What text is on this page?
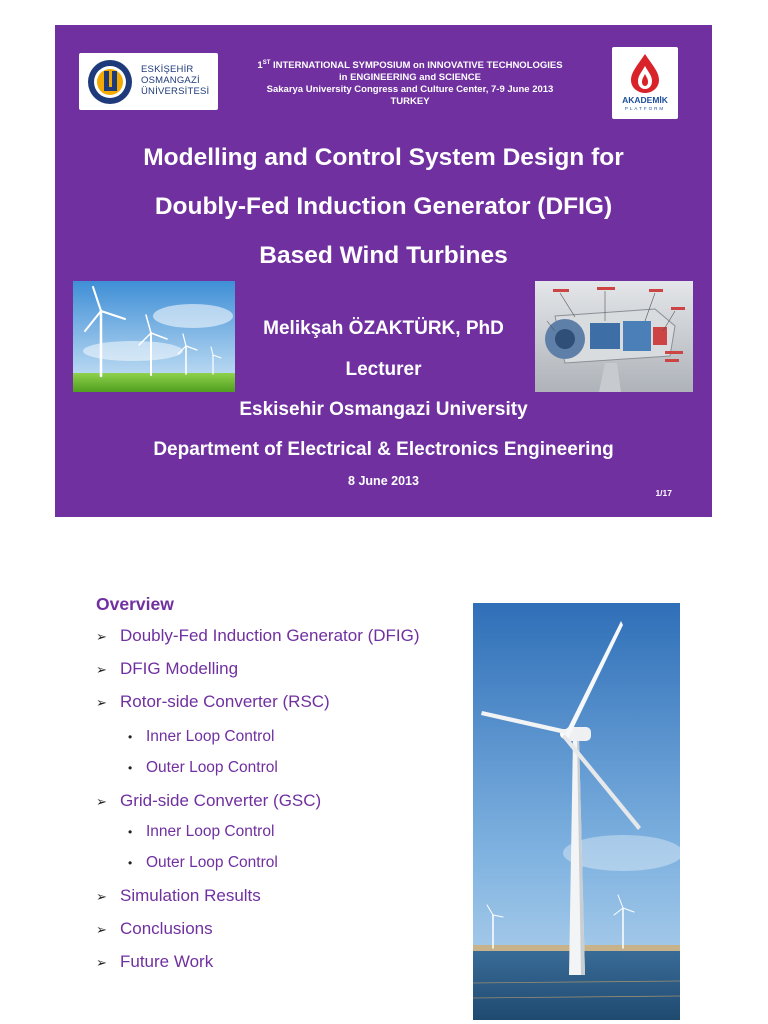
ESKİŞEHİR
OSMANGAZİ
ÜNİVERSİTESİ
1ST INTERNATIONAL SYMPOSIUM on INNOVATIVE TECHNOLOGIES
in ENGINEERING and SCIENCE
Sakarya University Congress and Culture Center, 7-9 June 2013
TURKEY	AKADEMİK
PLATFORM
Modelling and Control System Design for
Doubly-Fed Induction Generator (DFIG)
Based Wind Turbines
Melikşah ÖZAKTÜRK, PhD
Lecturer
Eskisehir Osmangazi University
Department of Electrical & Electronics Engineering
8 June 2013
1/17
Overview
➢ Doubly-Fed Induction Generator (DFIG)
➢ DFIG Modelling
➢ Rotor-side Converter (RSC)
• Inner Loop Control
• Outer Loop Control
➢ Grid-side Converter (GSC)
• Inner Loop Control
• Outer Loop Control
➢ Simulation Results
➢ Conclusions
➢ Future Work
